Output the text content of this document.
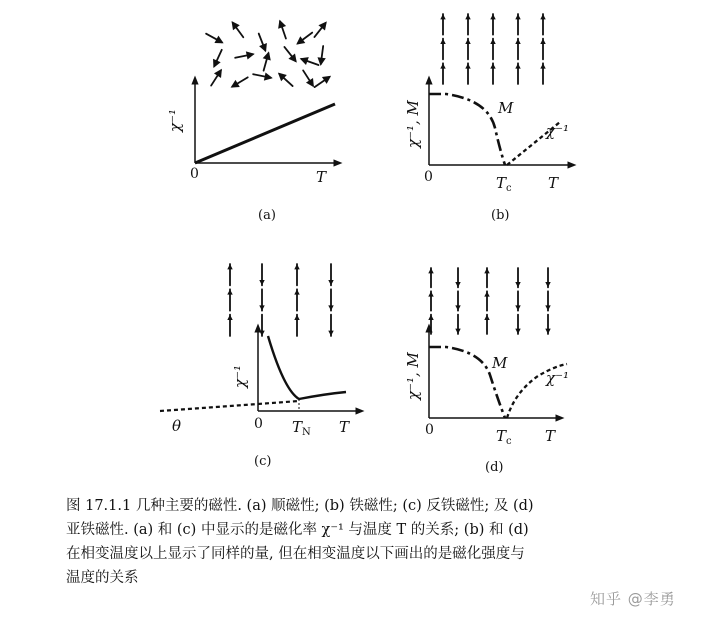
χ⁻¹
0	T
(a)
χ⁻¹, M
0
M
χ⁻¹
$T_c$ T
(b)
χ⁻¹
θ	0 $T_N$ T
(c)
χ⁻¹, M
0
M
χ⁻¹
$T_c$ T
(d)
图 17.1.1 几种主要的磁性. (a) 顺磁性; (b) 铁磁性; (c) 反铁磁性; 及 (d)
亚铁磁性. (a) 和 (c) 中显示的是磁化率 χ⁻¹ 与温度 T 的关系; (b) 和 (d)
在相变温度以上显示了同样的量, 但在相变温度以下画出的是磁化强度与
温度的关系
知乎 @李勇
